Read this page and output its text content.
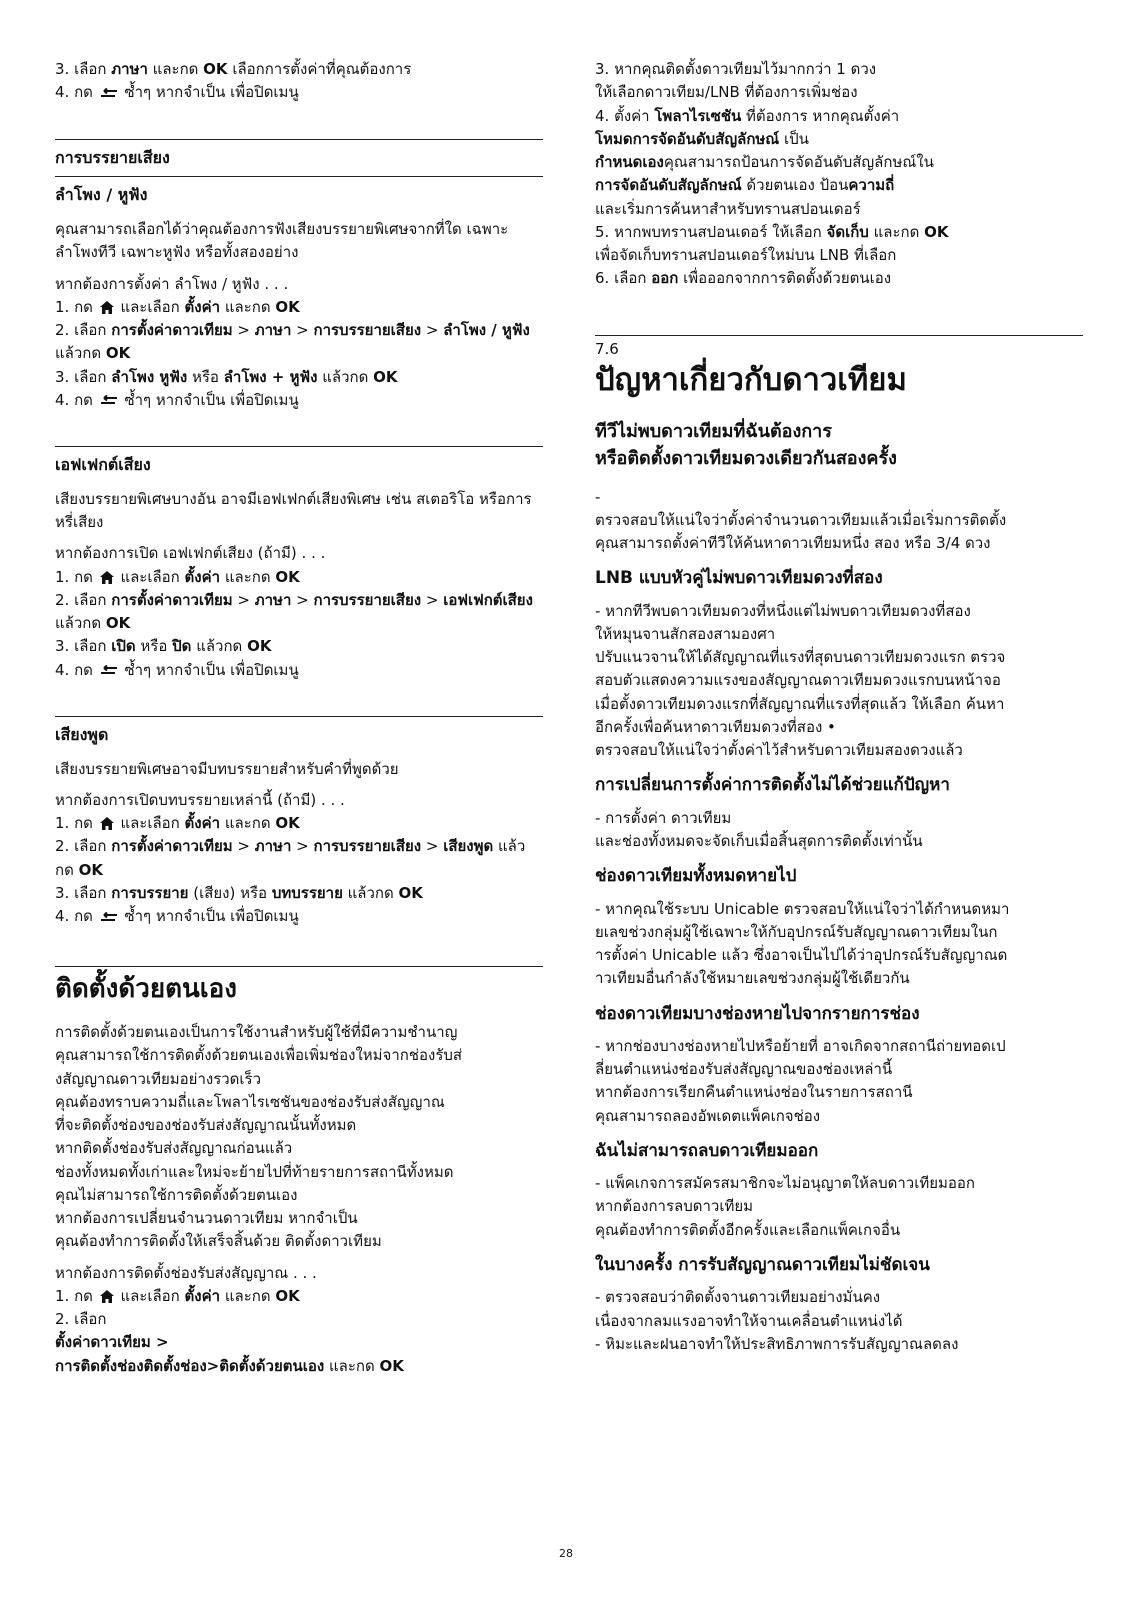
3. เลือก ภาษา และกด OK เลือกการตั้งค่าที่คุณต้องการ
4. กด  ซ้ำๆ หากจำเป็น เพื่อปิดเมนู

การบรรยายเสียง
ลำโพง / หูฟัง

คุณสามารถเลือกได้ว่าคุณต้องการฟังเสียงบรรยายพิเศษจากที่ใด เฉพาะ ลำโพงทีวี เฉพาะหูฟัง หรือทั้งสองอย่าง

หากต้องการตั้งค่า ลำโพง / หูฟัง . . .
1. กด  และเลือก ตั้งค่า และกด OK
2. เลือก การตั้งค่าดาวเทียม > ภาษา > การบรรยายเสียง > ลำโพง / หูฟัง แล้วกด OK
3. เลือก ลำโพง หูฟัง หรือ ลำโพง + หูฟัง แล้วกด OK
4. กด  ซ้ำๆ หากจำเป็น เพื่อปิดเมนู

เอฟเฟกต์เสียง

เสียงบรรยายพิเศษบางอัน อาจมีเอฟเฟกต์เสียงพิเศษ เช่น สเตอริโอ หรือการหรี่เสียง

หากต้องการเปิด เอฟเฟกต์เสียง (ถ้ามี) . . .
1. กด  และเลือก ตั้งค่า และกด OK
2. เลือก การตั้งค่าดาวเทียม > ภาษา > การบรรยายเสียง > เอฟเฟกต์เสียง แล้วกด OK
3. เลือก เปิด หรือ ปิด แล้วกด OK
4. กด  ซ้ำๆ หากจำเป็น เพื่อปิดเมนู

เสียงพูด

เสียงบรรยายพิเศษอาจมีบทบรรยายสำหรับคำที่พูดด้วย

หากต้องการเปิดบทบรรยายเหล่านี้ (ถ้ามี) . . .
1. กด  และเลือก ตั้งค่า และกด OK
2. เลือก การตั้งค่าดาวเทียม > ภาษา > การบรรยายเสียง > เสียงพูด แล้วกด OK
3. เลือก การบรรยาย (เสียง) หรือ บทบรรยาย แล้วกด OK
4. กด  ซ้ำๆ หากจำเป็น เพื่อปิดเมนู

ติดตั้งด้วยตนเอง

การติดตั้งด้วยตนเองเป็นการใช้งานสำหรับผู้ใช้ที่มีความชำนาญ
คุณสามารถใช้การติดตั้งด้วยตนเองเพื่อเพิ่มช่องใหม่จากช่องรับส่
งสัญญาณดาวเทียมอย่างรวดเร็ว
คุณต้องทราบความถี่และโพลาไรเซชันของช่องรับส่งสัญญาณ
ที่จะติดตั้งช่องของช่องรับส่งสัญญาณนั้นทั้งหมด
หากติดตั้งช่องรับส่งสัญญาณก่อนแล้ว
ช่องทั้งหมดทั้งเก่าและใหม่จะย้ายไปที่ท้ายรายการสถานีทั้งหมด
คุณไม่สามารถใช้การติดตั้งด้วยตนเอง
หากต้องการเปลี่ยนจำนวนดาวเทียม หากจำเป็น
คุณต้องทำการติดตั้งให้เสร็จสิ้นด้วย ติดตั้งดาวเทียม

หากต้องการติดตั้งช่องรับส่งสัญญาณ . . .
1. กด  และเลือก ตั้งค่า และกด OK
2. เลือก
ตั้งค่าดาวเทียม >
การติดตั้งช่องติดตั้งช่อง>ติดตั้งด้วยตนเอง และกด OK

3. หากคุณติดตั้งดาวเทียมไว้มากกว่า 1 ดวง
ให้เลือกดาวเทียม/LNB ที่ต้องการเพิ่มช่อง
4. ตั้งค่า โพลาไรเซชัน ที่ต้องการ หากคุณตั้งค่า
โหมดการจัดอันดับสัญลักษณ์ เป็น
กำหนดเองคุณสามารถป้อนการจัดอันดับสัญลักษณ์ใน
การจัดอันดับสัญลักษณ์ ด้วยตนเอง ป้อนความถี่
และเริ่มการค้นหาสำหรับทรานสปอนเดอร์
5. หากพบทรานสปอนเดอร์ ให้เลือก จัดเก็บ และกด OK
เพื่อจัดเก็บทรานสปอนเดอร์ใหม่บน LNB ที่เลือก
6. เลือก ออก เพื่อออกจากการติดตั้งด้วยตนเอง

7.6
ปัญหาเกี่ยวกับดาวเทียม
ทีวีไม่พบดาวเทียมที่ฉันต้องการ
หรือติดตั้งดาวเทียมดวงเดียวกันสองครั้ง

-
ตรวจสอบให้แน่ใจว่าตั้งค่าจำนวนดาวเทียมแล้วเมื่อเริ่มการติดตั้ง
คุณสามารถตั้งค่าทีวีให้ค้นหาดาวเทียมหนึ่ง สอง หรือ 3/4 ดวง

LNB แบบหัวคู่ไม่พบดาวเทียมดวงที่สอง

- หากทีวีพบดาวเทียมดวงที่หนึ่งแต่ไม่พบดาวเทียมดวงที่สอง
ให้หมุนจานสักสองสามองศา
ปรับแนวจานให้ได้สัญญาณที่แรงที่สุดบนดาวเทียมดวงแรก ตรวจ
สอบตัวแสดงความแรงของสัญญาณดาวเทียมดวงแรกบนหน้าจอ
เมื่อตั้งดาวเทียมดวงแรกที่สัญญาณที่แรงที่สุดแล้ว ให้เลือก ค้นหา
อีกครั้งเพื่อค้นหาดาวเทียมดวงที่สอง •
ตรวจสอบให้แน่ใจว่าตั้งค่าไว้สำหรับดาวเทียมสองดวงแล้ว

การเปลี่ยนการตั้งค่าการติดตั้งไม่ได้ช่วยแก้ปัญหา

- การตั้งค่า ดาวเทียม
และช่องทั้งหมดจะจัดเก็บเมื่อสิ้นสุดการติดตั้งเท่านั้น

ช่องดาวเทียมทั้งหมดหายไป

- หากคุณใช้ระบบ Unicable ตรวจสอบให้แน่ใจว่าได้กำหนดหมา
ยเลขช่วงกลุ่มผู้ใช้เฉพาะให้กับอุปกรณ์รับสัญญาณดาวเทียมในก
ารตั้งค่า Unicable แล้ว ซึ่งอาจเป็นไปได้ว่าอุปกรณ์รับสัญญาณด
าวเทียมอื่นกำลังใช้หมายเลขช่วงกลุ่มผู้ใช้เดียวกัน

ช่องดาวเทียมบางช่องหายไปจากรายการช่อง

- หากช่องบางช่องหายไปหรือย้ายที่ อาจเกิดจากสถานีถ่ายทอดเป
ลี่ยนตำแหน่งช่องรับส่งสัญญาณของช่องเหล่านี้
หากต้องการเรียกคืนตำแหน่งช่องในรายการสถานี
คุณสามารถลองอัพเดตแพ็คเกจช่อง

ฉันไม่สามารถลบดาวเทียมออก

- แพ็คเกจการสมัครสมาชิกจะไม่อนุญาตให้ลบดาวเทียมออก
หากต้องการลบดาวเทียม
คุณต้องทำการติดตั้งอีกครั้งและเลือกแพ็คเกจอื่น

ในบางครั้ง การรับสัญญาณดาวเทียมไม่ชัดเจน

- ตรวจสอบว่าติดตั้งจานดาวเทียมอย่างมั่นคง
เนื่องจากลมแรงอาจทำให้จานเคลื่อนตำแหน่งได้
- หิมะและฝนอาจทำให้ประสิทธิภาพการรับสัญญาณลดลง

28
